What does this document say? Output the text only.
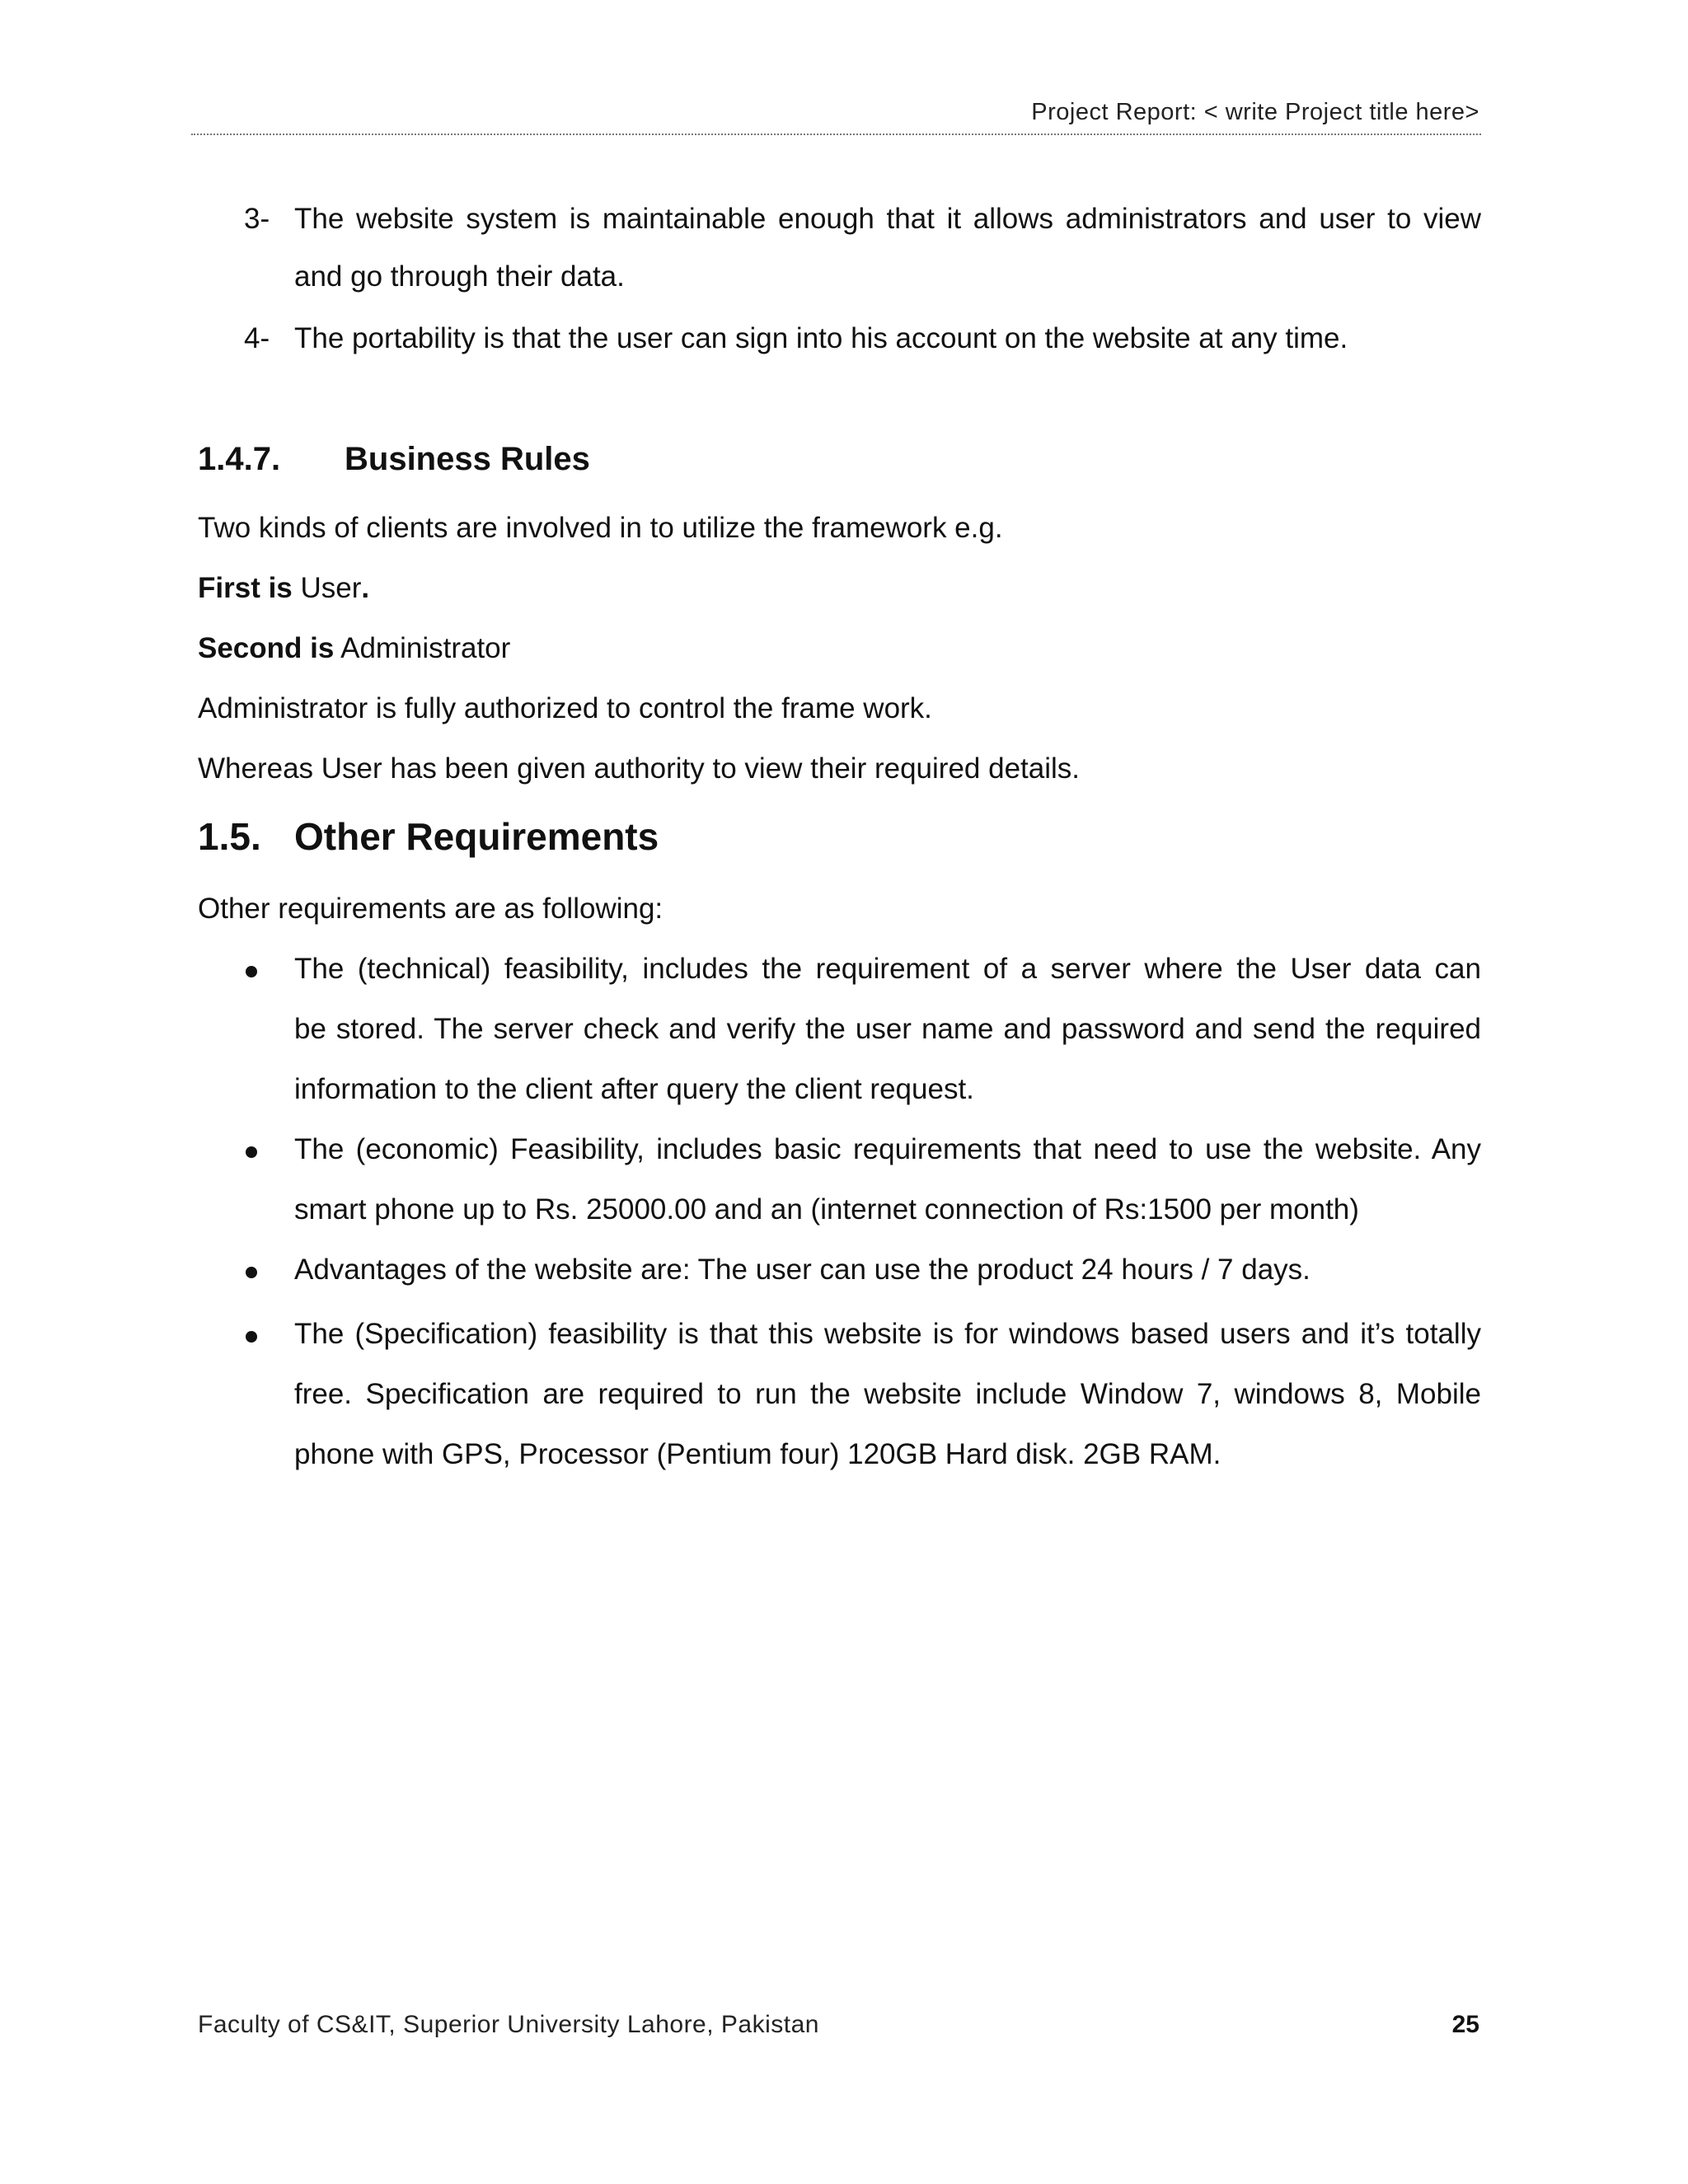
Project Report: < write Project title here>
3- The website system is maintainable enough that it allows administrators and user to view
and go through their data.
4- The portability is that the user can sign into his account on the website at any time.
1.4.7. Business Rules
Two kinds of clients are involved in to utilize the framework e.g.
First is User.
Second is Administrator
Administrator is fully authorized to control the frame work.
Whereas User has been given authority to view their required details.
1.5. Other Requirements
Other requirements are as following:
The (technical) feasibility, includes the requirement of a server where the User data can
be stored. The server check and verify the user name and password and send the required
information to the client after query the client request.
The (economic) Feasibility, includes basic requirements that need to use the website. Any
smart phone up to Rs. 25000.00 and an (internet connection of Rs:1500 per month)
Advantages of the website are: The user can use the product 24 hours / 7 days.
The (Specification) feasibility is that this website is for windows based users and it’s totally
free. Specification are required to run the website include Window 7, windows 8, Mobile
phone with GPS, Processor (Pentium four) 120GB Hard disk. 2GB RAM.
Faculty of CS&IT, Superior University Lahore, Pakistan	25
